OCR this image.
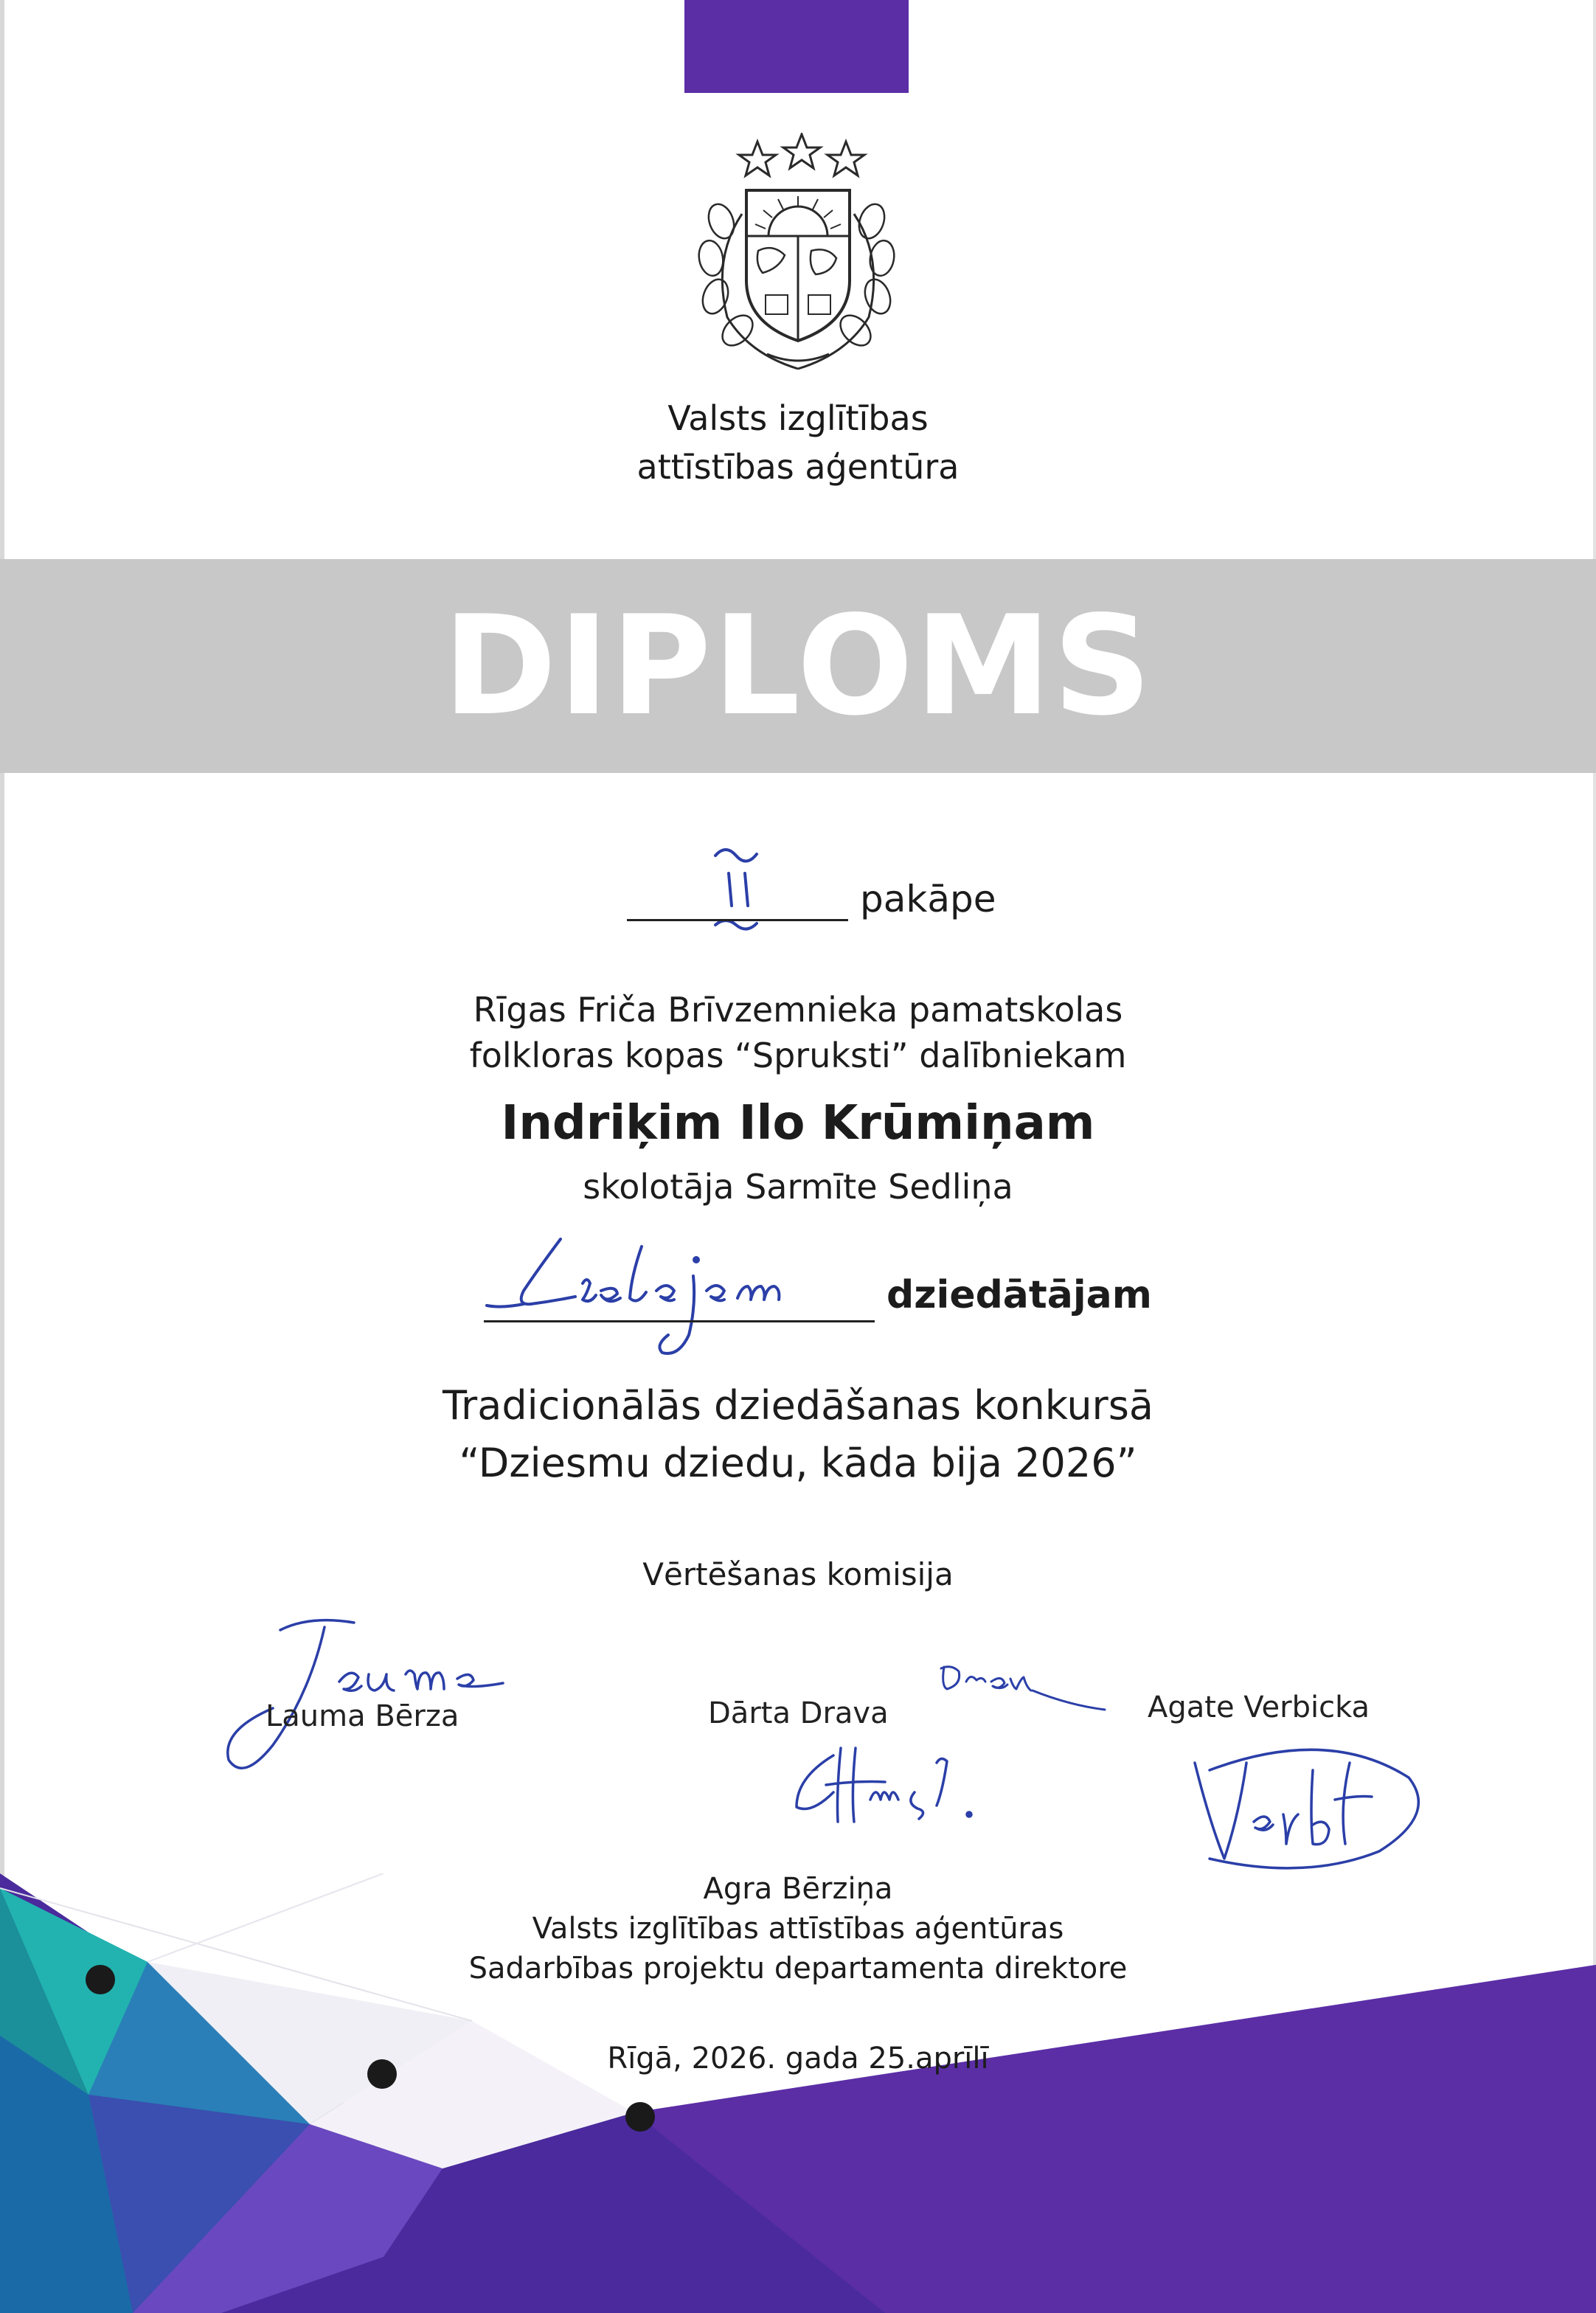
Valsts izglītības
attīstības aģentūra
DIPLOMS
pakāpe
Rīgas Friča Brīvzemnieka pamatskolas
folkloras kopas “Spruksti” dalībniekam
Indriķim Ilo Krūmiņam
skolotāja Sarmīte Sedliņa
dziedātājam
Tradicionālās dziedāšanas konkursā
“Dziesmu dziedu, kāda bija 2026”
Vērtēšanas komisija
Lauma Bērza	Dārta Drava	Agate Verbicka
Agra Bērziņa
Valsts izglītības attīstības aģentūras
Sadarbības projektu departamenta direktore
Rīgā, 2026. gada 25.aprīlī
